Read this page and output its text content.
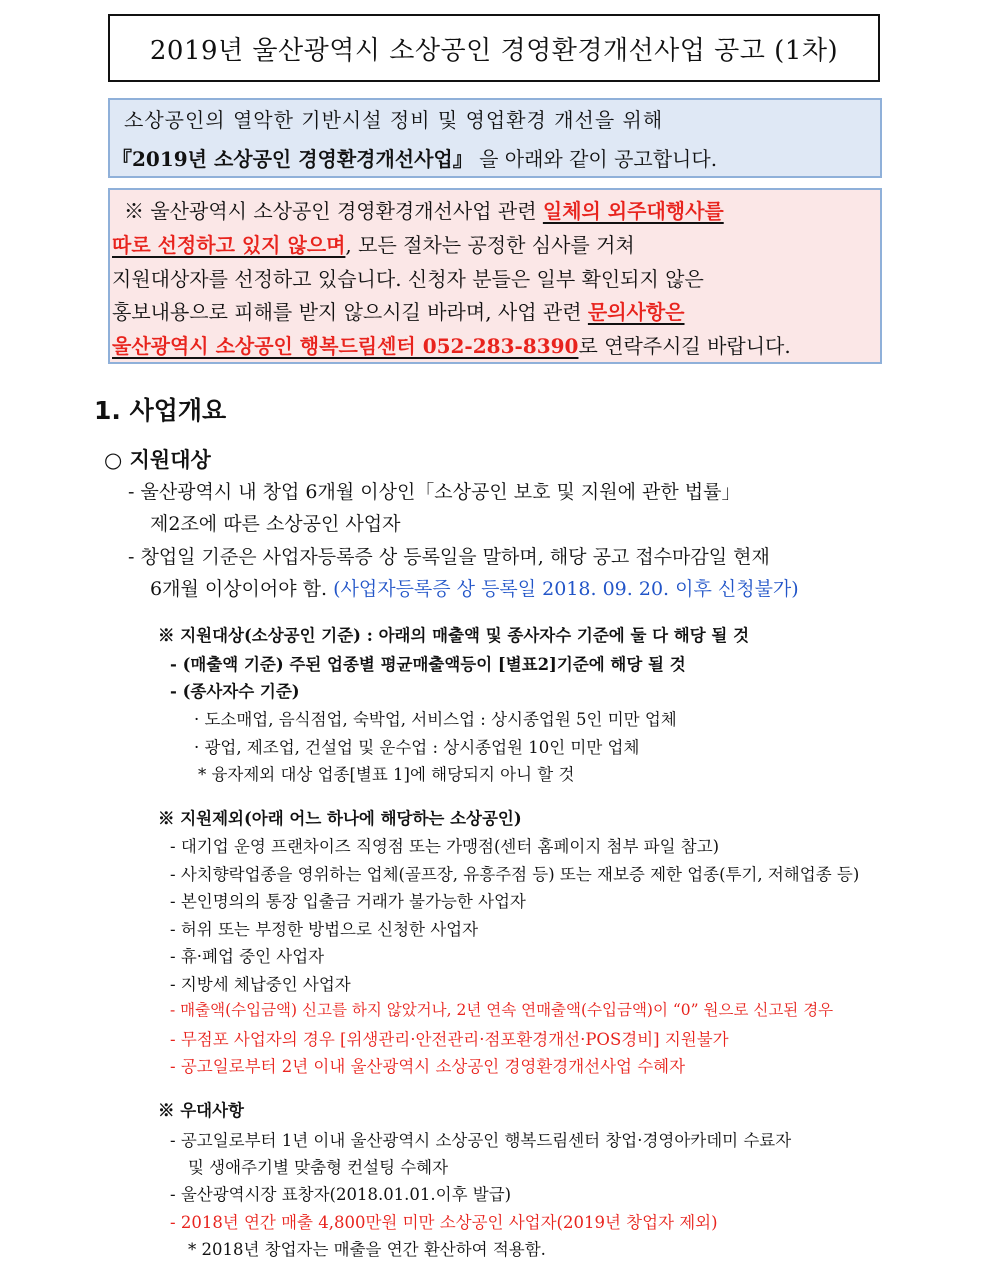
2019년 울산광역시 소상공인 경영환경개선사업 공고 (1차)
소상공인의 열악한 기반시설 정비 및 영업환경 개선을 위해
『2019년 소상공인 경영환경개선사업』 을 아래와 같이 공고합니다.
※ 울산광역시 소상공인 경영환경개선사업 관련 일체의 외주대행사를
따로 선정하고 있지 않으며, 모든 절차는 공정한 심사를 거쳐
지원대상자를 선정하고 있습니다. 신청자 분들은 일부 확인되지 않은
홍보내용으로 피해를 받지 않으시길 바라며, 사업 관련 문의사항은
울산광역시 소상공인 행복드림센터 052-283-8390로 연락주시길 바랍니다.
1. 사업개요
○ 지원대상
- 울산광역시 내 창업 6개월 이상인「소상공인 보호 및 지원에 관한 법률」
제2조에 따른 소상공인 사업자
- 창업일 기준은 사업자등록증 상 등록일을 말하며, 해당 공고 접수마감일 현재
6개월 이상이어야 함. (사업자등록증 상 등록일 2018. 09. 20. 이후 신청불가)
※ 지원대상(소상공인 기준) : 아래의 매출액 및 종사자수 기준에 둘 다 해당 될 것
- (매출액 기준) 주된 업종별 평균매출액등이 [별표2]기준에 해당 될 것
- (종사자수 기준)
· 도소매업, 음식점업, 숙박업, 서비스업 : 상시종업원 5인 미만 업체
· 광업, 제조업, 건설업 및 운수업 : 상시종업원 10인 미만 업체
* 융자제외 대상 업종[별표 1]에 해당되지 아니 할 것
※ 지원제외(아래 어느 하나에 해당하는 소상공인)
- 대기업 운영 프랜차이즈 직영점 또는 가맹점(센터 홈페이지 첨부 파일 참고)
- 사치향락업종을 영위하는 업체(골프장, 유흥주점 등) 또는 재보증 제한 업종(투기, 저해업종 등)
- 본인명의의 통장 입출금 거래가 불가능한 사업자
- 허위 또는 부정한 방법으로 신청한 사업자
- 휴·폐업 중인 사업자
- 지방세 체납중인 사업자
- 매출액(수입금액) 신고를 하지 않았거나, 2년 연속 연매출액(수입금액)이 “0” 원으로 신고된 경우
- 무점포 사업자의 경우 [위생관리·안전관리·점포환경개선·POS경비] 지원불가
- 공고일로부터 2년 이내 울산광역시 소상공인 경영환경개선사업 수혜자
※ 우대사항
- 공고일로부터 1년 이내 울산광역시 소상공인 행복드림센터 창업·경영아카데미 수료자
및 생애주기별 맞춤형 컨설팅 수혜자
- 울산광역시장 표창자(2018.01.01.이후 발급)
- 2018년 연간 매출 4,800만원 미만 소상공인 사업자(2019년 창업자 제외)
* 2018년 창업자는 매출을 연간 환산하여 적용함.
